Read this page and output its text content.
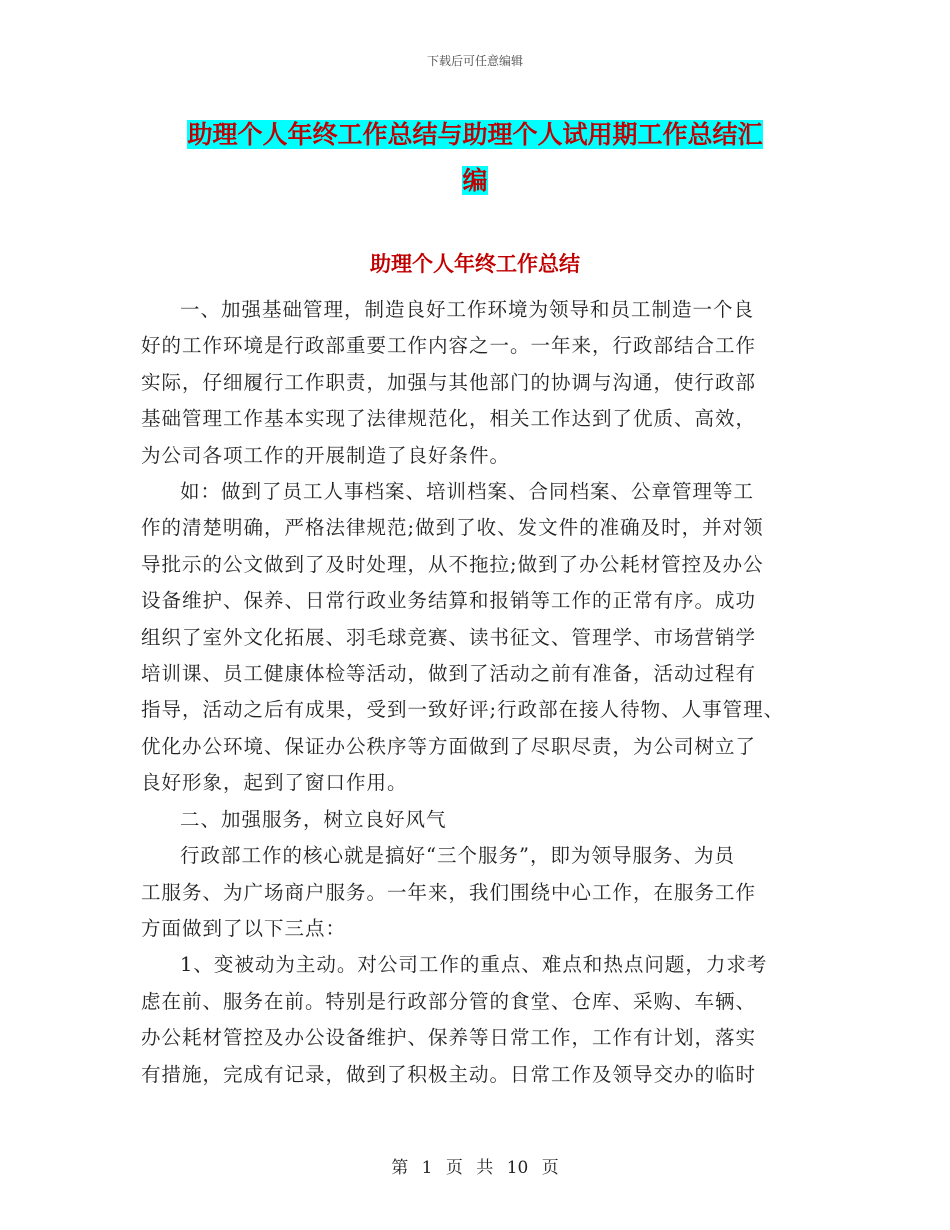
下载后可任意编辑
助理个人年终工作总结与助理个人试用期工作总结汇
编
助理个人年终工作总结

一、加强基础管理，制造良好工作环境为领导和员工制造一个良
好的工作环境是行政部重要工作内容之一。一年来，行政部结合工作
实际，仔细履行工作职责，加强与其他部门的协调与沟通，使行政部
基础管理工作基本实现了法律规范化，相关工作达到了优质、高效，
为公司各项工作的开展制造了良好条件。

如：做到了员工人事档案、培训档案、合同档案、公章管理等工
作的清楚明确，严格法律规范;做到了收、发文件的准确及时，并对领
导批示的公文做到了及时处理，从不拖拉;做到了办公耗材管控及办公
设备维护、保养、日常行政业务结算和报销等工作的正常有序。成功
组织了室外文化拓展、羽毛球竞赛、读书征文、管理学、市场营销学
培训课、员工健康体检等活动，做到了活动之前有准备，活动过程有
指导，活动之后有成果，受到一致好评;行政部在接人待物、人事管理、
优化办公环境、保证办公秩序等方面做到了尽职尽责，为公司树立了
良好形象，起到了窗口作用。

二、加强服务，树立良好风气

行政部工作的核心就是搞好“三个服务”，即为领导服务、为员
工服务、为广场商户服务。一年来，我们围绕中心工作，在服务工作
方面做到了以下三点：

1、变被动为主动。对公司工作的重点、难点和热点问题，力求考
虑在前、服务在前。特别是行政部分管的食堂、仓库、采购、车辆、
办公耗材管控及办公设备维护、保养等日常工作，工作有计划，落实
有措施，完成有记录，做到了积极主动。日常工作及领导交办的临时

第 1 页 共 10 页
